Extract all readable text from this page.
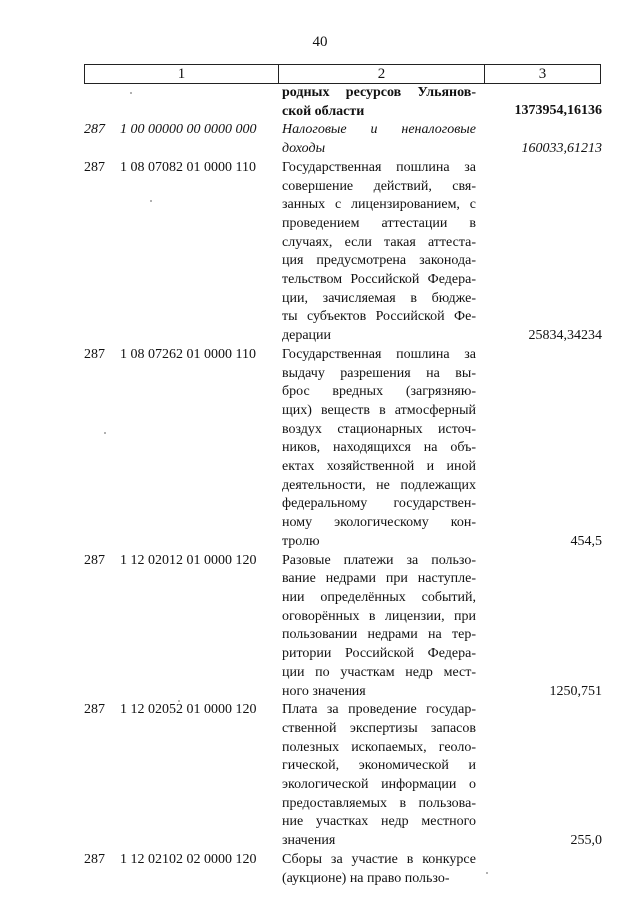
40
1	2	3
родных ресурсов Ульянов-
ской области	1373954,16136
287	1 00 00000 00 0000 000	Налоговые и неналоговые
доходы	160033,61213
287	1 08 07082 01 0000 110	Государственная пошлина за
совершение действий, свя-
занных с лицензированием, с
проведением аттестации в
случаях, если такая аттеста-
ция предусмотрена законода-
тельством Российской Федера-
ции, зачисляемая в бюдже-
ты субъектов Российской Фе-
дерации	25834,34234
287	1 08 07262 01 0000 110	Государственная пошлина за
выдачу разрешения на вы-
брос вредных (загрязняю-
щих) веществ в атмосферный
воздух стационарных источ-
ников, находящихся на объ-
ектах хозяйственной и иной
деятельности, не подлежащих
федеральному государствен-
ному экологическому кон-
тролю	454,5
287	1 12 02012 01 0000 120	Разовые платежи за пользо-
вание недрами при наступле-
нии определённых событий,
оговорённых в лицензии, при
пользовании недрами на тер-
ритории Российской Федера-
ции по участкам недр мест-
ного значения	1250,751
287	1 12 02052 01 0000 120	Плата за проведение государ-
ственной экспертизы запасов
полезных ископаемых, геоло-
гической, экономической и
экологической информации о
предоставляемых в пользова-
ние участках недр местного
значения	255,0
287	1 12 02102 02 0000 120	Сборы за участие в конкурсе
(аукционе) на право пользо-
